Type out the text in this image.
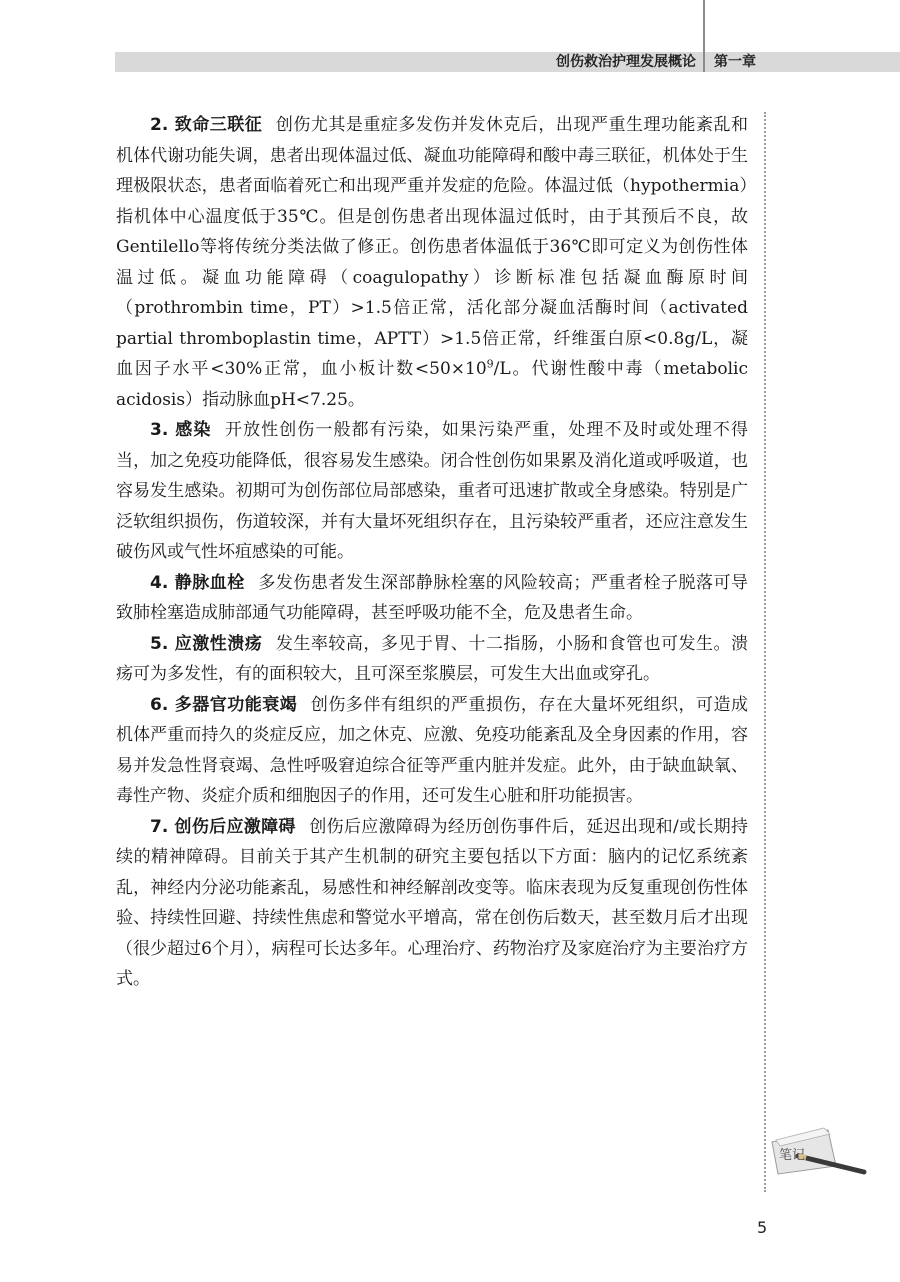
创伤救治护理发展概论 第一章

2. 致命三联征 创伤尤其是重症多发伤并发休克后，出现严重生理功能紊乱和机体代谢功能失调，患者出现体温过低、凝血功能障碍和酸中毒三联征，机体处于生理极限状态，患者面临着死亡和出现严重并发症的危险。体温过低（hypothermia）指机体中心温度低于35℃。但是创伤患者出现体温过低时，由于其预后不良，故Gentilello等将传统分类法做了修正。创伤患者体温低于36℃即可定义为创伤性体温过低。凝血功能障碍（coagulopathy）诊断标准包括凝血酶原时间（prothrombin time，PT）>1.5倍正常，活化部分凝血活酶时间（activated partial thromboplastin time，APTT）>1.5倍正常，纤维蛋白原<0.8g/L，凝血因子水平<30%正常，血小板计数$<50\times 10^9/L$。代谢性酸中毒（metabolic acidosis）指动脉血pH<7.25。

3. 感染 开放性创伤一般都有污染，如果污染严重，处理不及时或处理不得当，加之免疫功能降低，很容易发生感染。闭合性创伤如果累及消化道或呼吸道，也容易发生感染。初期可为创伤部位局部感染，重者可迅速扩散或全身感染。特别是广泛软组织损伤，伤道较深，并有大量坏死组织存在，且污染较严重者，还应注意发生破伤风或气性坏疽感染的可能。

4. 静脉血栓 多发伤患者发生深部静脉栓塞的风险较高；严重者栓子脱落可导致肺栓塞造成肺部通气功能障碍，甚至呼吸功能不全，危及患者生命。

5. 应激性溃疡 发生率较高，多见于胃、十二指肠，小肠和食管也可发生。溃疡可为多发性，有的面积较大，且可深至浆膜层，可发生大出血或穿孔。

6. 多器官功能衰竭 创伤多伴有组织的严重损伤，存在大量坏死组织，可造成机体严重而持久的炎症反应，加之休克、应激、免疫功能紊乱及全身因素的作用，容易并发急性肾衰竭、急性呼吸窘迫综合征等严重内脏并发症。此外，由于缺血缺氧、毒性产物、炎症介质和细胞因子的作用，还可发生心脏和肝功能损害。

7. 创伤后应激障碍 创伤后应激障碍为经历创伤事件后，延迟出现和/或长期持续的精神障碍。目前关于其产生机制的研究主要包括以下方面：脑内的记忆系统紊乱，神经内分泌功能紊乱，易感性和神经解剖改变等。临床表现为反复重现创伤性体验、持续性回避、持续性焦虑和警觉水平增高，常在创伤后数天，甚至数月后才出现（很少超过6个月），病程可长达多年。心理治疗、药物治疗及家庭治疗为主要治疗方式。

笔记
5
